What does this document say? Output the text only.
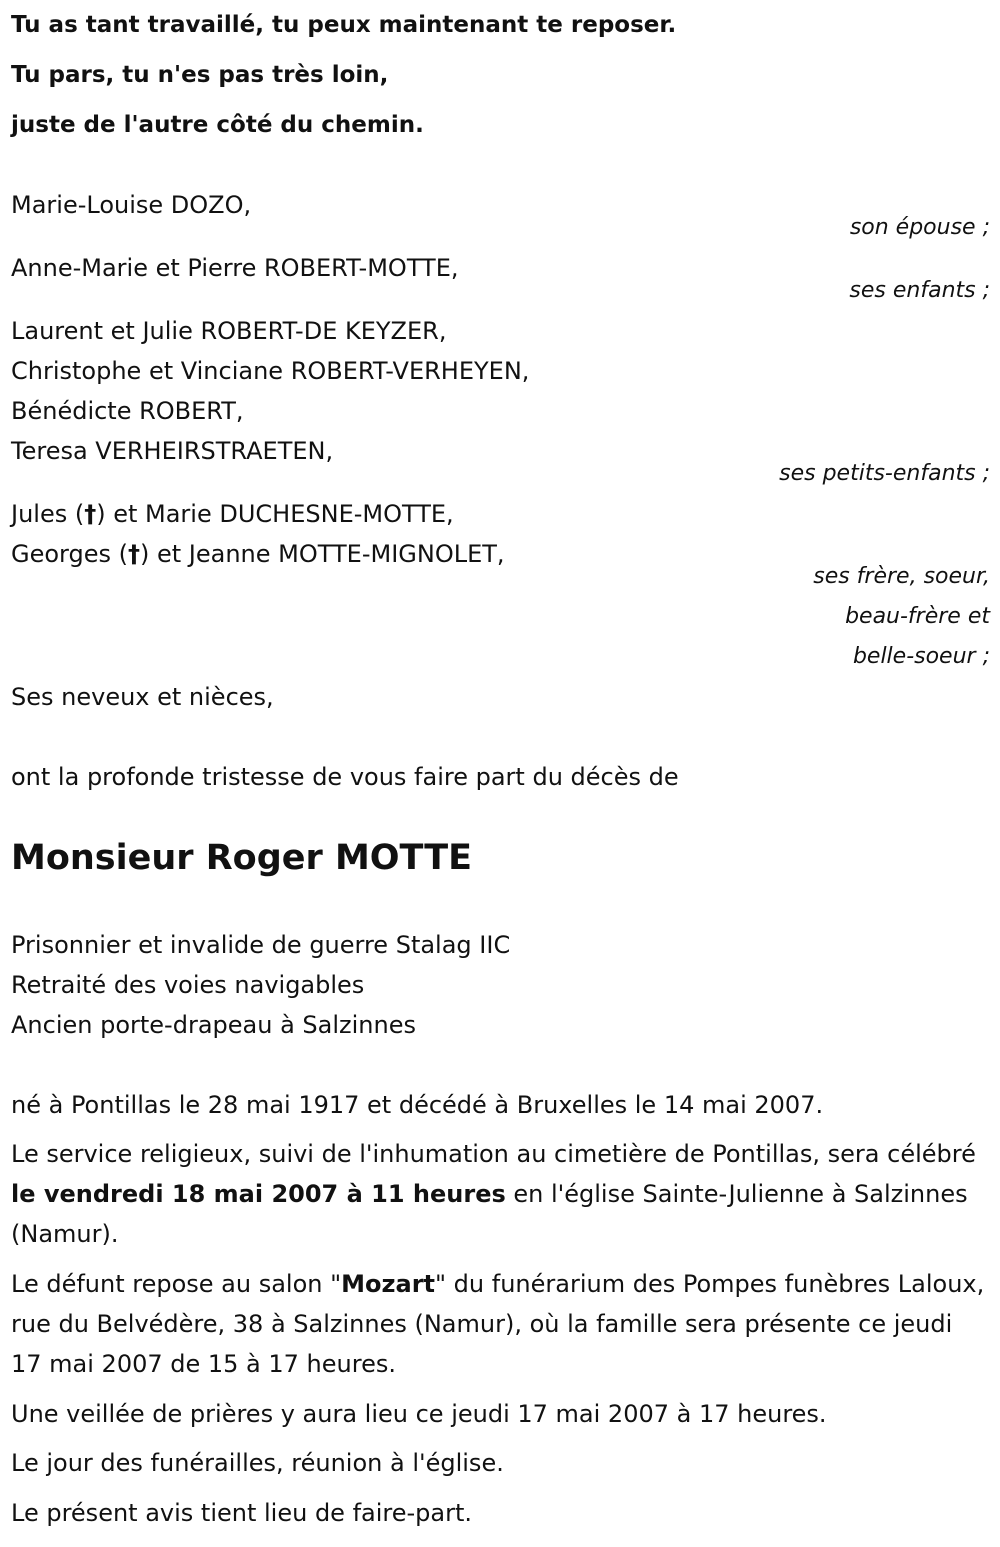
Tu as tant travaillé, tu peux maintenant te reposer.

Tu pars, tu n'es pas très loin,

juste de l'autre côté du chemin.

Marie-Louise DOZO,

son épouse ;

Anne-Marie et Pierre ROBERT-MOTTE,

ses enfants ;

Laurent et Julie ROBERT-DE KEYZER,

Christophe et Vinciane ROBERT-VERHEYEN,

Bénédicte ROBERT,

Teresa VERHEIRSTRAETEN,

ses petits-enfants ;

Jules (†) et Marie DUCHESNE-MOTTE,

Georges (†) et Jeanne MOTTE-MIGNOLET,

ses frère, soeur,
beau-frère et
belle-soeur ;

Ses neveux et nièces,

ont la profonde tristesse de vous faire part du décès de

Monsieur Roger MOTTE

Prisonnier et invalide de guerre Stalag IIC

Retraité des voies navigables

Ancien porte-drapeau à Salzinnes

né à Pontillas le 28 mai 1917 et décédé à Bruxelles le 14 mai 2007.

Le service religieux, suivi de l'inhumation au cimetière de Pontillas, sera célébré le vendredi 18 mai 2007 à 11 heures en l'église Sainte-Julienne à Salzinnes (Namur).

Le défunt repose au salon "Mozart" du funérarium des Pompes funèbres Laloux, rue du Belvédère, 38 à Salzinnes (Namur), où la famille sera présente ce jeudi 17 mai 2007 de 15 à 17 heures.

Une veillée de prières y aura lieu ce jeudi 17 mai 2007 à 17 heures.

Le jour des funérailles, réunion à l'église.

Le présent avis tient lieu de faire-part.
